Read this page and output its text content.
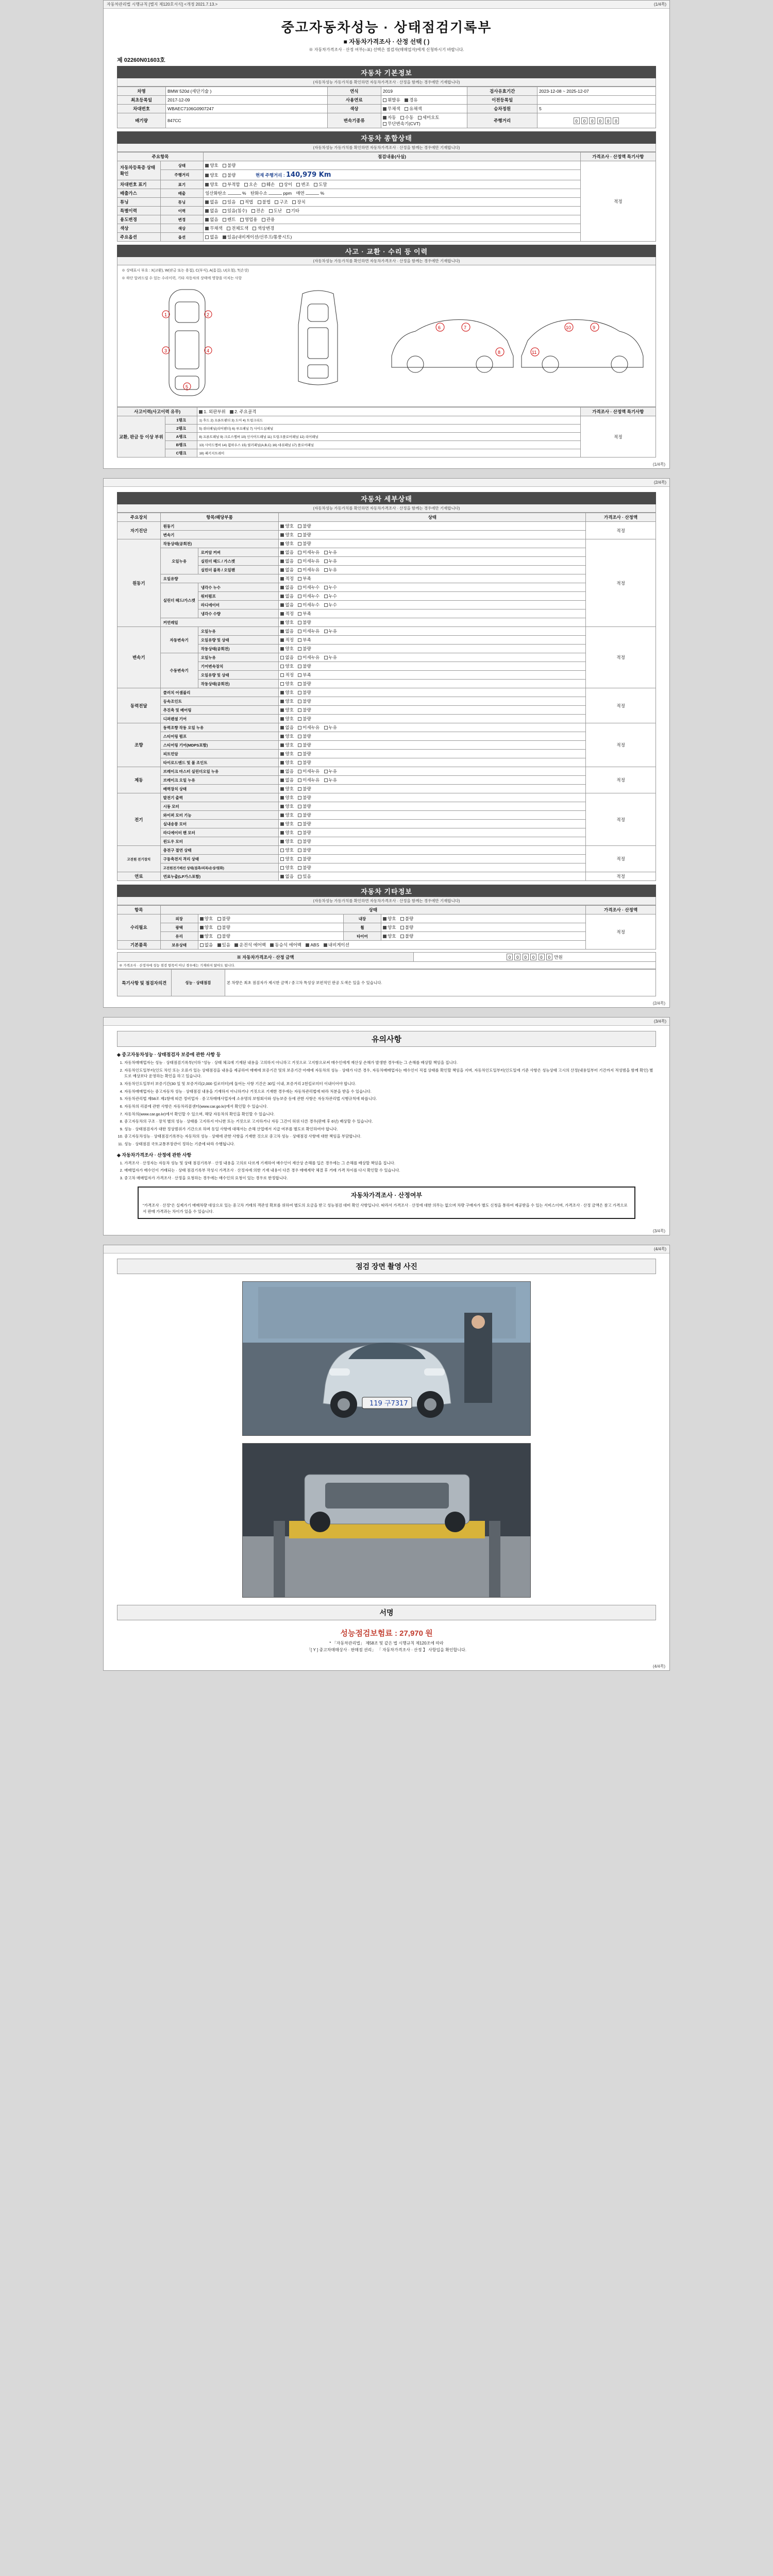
자동차관리법 시행규칙 [별지 제120호서식] <개정 2021.7.13.>	(1/4쪽)
중고자동차성능 · 상태점검기록부
■ 자동차가격조사 · 산정 선택 ( )
※ 자동차가격조사 · 산정 여부(○표) 선택은 점검자(매매업자)에게 신청하시기 바랍니다.
제 02260N01603호
자동차 기본정보
(자동차성능 가동가치를 확인하면 자동차가격조사 · 산정을 함께는 경우에만 기재합니다)
차명	BMW 520d (세단기술 )	연식	2019	검사유효기간	2023-12-08 ~ 2025-12-07
최초등록일	2017-12-09	사용연료	휘발유 경유	이전등록일	
차대번호	WBAEC7106G0907247	색상	무채색 유채색	승차정원	5
배기량	847CC	변속기종류	자동 수동 세미오토 무단변속기(CVT)	주행거리	0 0 0 0 0 0
자동차 종합상태
(자동차성능 가동가치를 확인하면 자동차가격조사 · 산정을 함께는 경우에만 기재합니다)
주요항목		점검내용(사실)	가격조사 · 산정액 특기사항
자동차등록증 상태 확인	상태	양호 불량	적정
	주행거리	양호 불량 현재 주행거리 : 140,979 Km	
차대번호 표기	표기	양호 부적합 오손 훼손 상이 변조 도말	
배출가스	배출	일산화탄소 % 탄화수소 ppm 매연 %	
튜닝	튜닝	없음 있음 적법 불법 구조 장치	
특별이력	이력	없음 있음(침수) 전손 도난 기타	
용도변경	변경	없음 렌트 영업용 관용	
색상	색상	무채색 전체도색 색상변경	
주요옵션	옵션	없음 있음(내비게이션/선루프/통풍시트)	
사고 · 교환 · 수리 등 이력
(자동차성능 가동가치를 확인하면 자동차가격조사 · 산정을 함께는 경우에만 기재합니다)
※ 상태표시 부호 : X(교환), W(판금 또는 용접), C(부식), A(흠집), U(요철), T(손상)
※ 하단 알려드릴 수 있는 수리이력, 기타 자동차의 상태에 영향을 미치는 사항
1	2
3	4
5
6	7
8
9
10
11
사고이력(사고이력 유무)		1. 외판부위 2. 주요골격	가격조사 · 산정액 특기사항
교환, 판금 등 이상 부위	1랭크	1) 후드 2) 프론트팬더 3) 도어 4) 트렁크리드	적정
	2랭크	5) 쿼터패널(리어팬더) 6) 루프패널 7) 사이드실패널	
	A랭크	8) 프론트패널 9) 크로스멤버 10) 인사이드패널 11) 트렁크플로어패널 12) 리어패널	
	B랭크	13) 사이드멤버 14) 휠하우스 15) 필러패널(A,B,C) 16) 대쉬패널 17) 플로어패널	
	C랭크	18) 패키지트레이	
(1/4쪽)
(2/4쪽)
자동차 세부상태
(자동차성능 가동가치를 확인하면 자동차가격조사 · 산정을 함께는 경우에만 기재합니다)
주요장치	항목/해당부품		상태	가격조사 · 산정액
자기진단	원동기		양호 불량	적정
	변속기		양호 불량	
원동기	작동상태(공회전)		양호 불량	적정
	오일누유	로커암 커버	없음 미세누유 누유	
		실린더 헤드 / 가스켓	없음 미세누유 누유	
		실린더 블록 / 오일팬	없음 미세누유 누유	
	오일유량		적정 부족	
	실린더 헤드/가스켓	냉각수 누수	없음 미세누수 누수	
		워터펌프	없음 미세누수 누수	
		라디에이터	없음 미세누수 누수	
		냉각수 수량	적정 부족	
	커먼레일		양호 불량	
변속기	자동변속기	오일누유	없음 미세누유 누유	적정
		오일유량 및 상태	적정 부족	
		작동상태(공회전)	양호 불량	
	수동변속기	오일누유	없음 미세누유 누유	
		기어변속장치	양호 불량	
		오일유량 및 상태	적정 부족	
		작동상태(공회전)	양호 불량	
동력전달	클러치 어셈블리		양호 불량	적정
	등속조인트		양호 불량	
	추진축 및 베어링		양호 불량	
	디퍼렌셜 기어		양호 불량	
조향	동력조향 작동 오일 누유		없음 미세누유 누유	적정
	스티어링 펌프		양호 불량	
	스티어링 기어(MDPS포함)		양호 불량	
	피트먼암		양호 불량	
	타이로드엔드 및 볼 조인트		양호 불량	
제동	브레이크 마스터 실린더오일 누유		없음 미세누유 누유	적정
	브레이크 오일 누유		없음 미세누유 누유	
	배력장치 상태		양호 불량	
전기	발전기 출력		양호 불량	적정
	시동 모터		양호 불량	
	와이퍼 모터 기능		양호 불량	
	실내송풍 모터		양호 불량	
	라디에이터 팬 모터		양호 불량	
	윈도우 모터		양호 불량	
고전원 전기장치	충전구 절연 상태		양호 불량	적정
	구동축전지 격리 상태		양호 불량	
	고전원전기배선 상태(접촉/피복/손상/열화)		양호 불량	
연료	연료누출(LP가스포함)		없음 있음	적정
자동차 기타정보
(자동차성능 가동가치를 확인하면 자동차가격조사 · 산정을 함께는 경우에만 기재합니다)
항목	상태				가격조사 · 산정액
수리필요	외장	양호 불량	내장	양호 불량	적정
	광택	양호 불량	휠	양호 불량	
	유리	양호 불량	타이어	양호 불량	
기본품목	보유상태	없음 있음 운전석 에어백 동승석 에어백 ABS 내비게이션			
※ 자동차가격조사 · 산정 금액	0 0 0 0 0 0 만원
※ 가격조사 · 산정자에 성능 점검 항목이 아닌 경우에는 기재하지 않아도 됩니다.
특기사항 및 점검자의견	성능 · 상태점검	본 차량은 최초 점검자가 제시한 금액 / 중고차 특성상 보편적인 판공 도색은 있을 수 있습니다.
(2/4쪽)
(3/4쪽)
유의사항
◈ 중고자동차성능 · 상태점검자 보증에 관한 사항 등
1. 자동차매매업자는 성능 · 상태점검기록부(이하 "성능 · 상태 체크에 기재된 내용을 고의하지 아니하고 거짓으로 고지함으로써 매수인에게 재산상 손해가 발생한 경우에는 그 손해를 배상할 책임을 집니다.
2. 자동차인도일부터(인도 차인 또는 오류가 있는 상태점검을 내용을 제공하여 매매에 보증기간 및의 보증기간 아래에 자동차의 성능 · 상태가 다른 경우, 자동차매매업자는 매수인이 직접 상태를 확인할 책임을 지며, 자동차인도일부터(인도일에 기준 사항은 성능상태 고시의 산정(내용일부터 기간까지 적성범을 함께 확인) 별도로 예상보다 운영하는 확인을 하고 있습니다.
3. 자동차인도일부터 보증기간(30 일 및 보증거리(2,000 킬로미터)에 둘어는 사항 기간은 30일 이내, 보증거리 2천킬로미터 이내이어야 합니다.
4. 자동차매매업자는 중고자동차 성능 · 상태점검 내용을 기재하지 아니하거나 거짓으로 기재한 경우에는 자동차관리법에 따라 처분을 받을 수 있습니다.
5. 자동차관리법 제58조 제1항에 따른 정비업자 · 중고차매매사업자에 소유명의 보험회사와 성능보증 등에 관한 사항은 자동차관리법 시행규칙에 따릅니다.
6. 자동차의 리콜에 관한 사항은 자동차리콜센터(www.car.go.kr)에서 확인할 수 있습니다.
7. 자동차의(www.car.go.kr)에서 확인할 수 있으며, 해당 자동차의 확인을 확인할 수 있습니다.
8. 중고자동차의 구조 · 장치 별의 성능 · 상태를 고지하지 아니한 또는 거짓으로 고지하거나 자동 그간이 허위 다른 경우(판매 후 6년) 배상할 수 있습니다.
9. 성능 · 상태점검자가 대한 정상범위가 기간으로 하며 동일 사항에 대해서는 손해 산업에서 지급 여부를 별도로 확인하여야 합니다.
10. 중고자동차성능 · 상태점검기록부는 자동차의 성능 · 상태에 관한 사항을 기재한 것으로 중고차 성능 · 상태점검 사항에 대한 책임을 부담합니다.
11. 성능 · 상태점검 국토교통부장관이 정하는 기준에 따라 수행됩니다.
◈ 자동차가격조사 · 산정에 관한 사항
1. 가격조사 · 산정자는 자동차 성능 및 상태 점검기록부 · 산정 내용을 고의로 다르게 기재하여 매수인이 재산상 손해를 입은 경우에는 그 손해를 배상할 책임을 집니다.
2. 매매업자가 매수인이 거래되는 · 상태 점검기록부 작성시 가격조사 · 산정자에 의한 기재 내용이 다른 경우 매매계약 체결 후 거래 가격 차이를 다시 확인할 수 있습니다.
3. 중고차 매매업자가 가격조사 · 산정을 요청하는 경우에는 매수인의 요청이 있는 경우로 한정합니다.
자동차가격조사 · 산정여부
"가격조사 · 산정"은 실제가기 매매차량 대상으로 있는 중고차 거래의 객관성 확보를 위하여 별도의 요금을 받고 성능점검 대비 확인 사항입니다. 따라서 가격조사 · 산정에 대한 의무는 없으며 차량 구매자가 별도 신청을 통하여 제공받을 수 있는 서비스이며, 가격조사 · 산정 금액은 참고 가격으로서 판매 가격과는 차이가 있을 수 있습니다.
(3/4쪽)
(4/4쪽)
점검 장면 촬영 사진
119 구7317
서명
성능점검보험료 : 27,970 원
* 「자동차관리법」 제58조 및 같은 법 시행규칙 제120조에 따라
「[ Y ] 중고차매매상사 · 판매점 권리」 「 자동차가격조사 · 산정 】 사항입을 확인합니다.
(4/4쪽)
